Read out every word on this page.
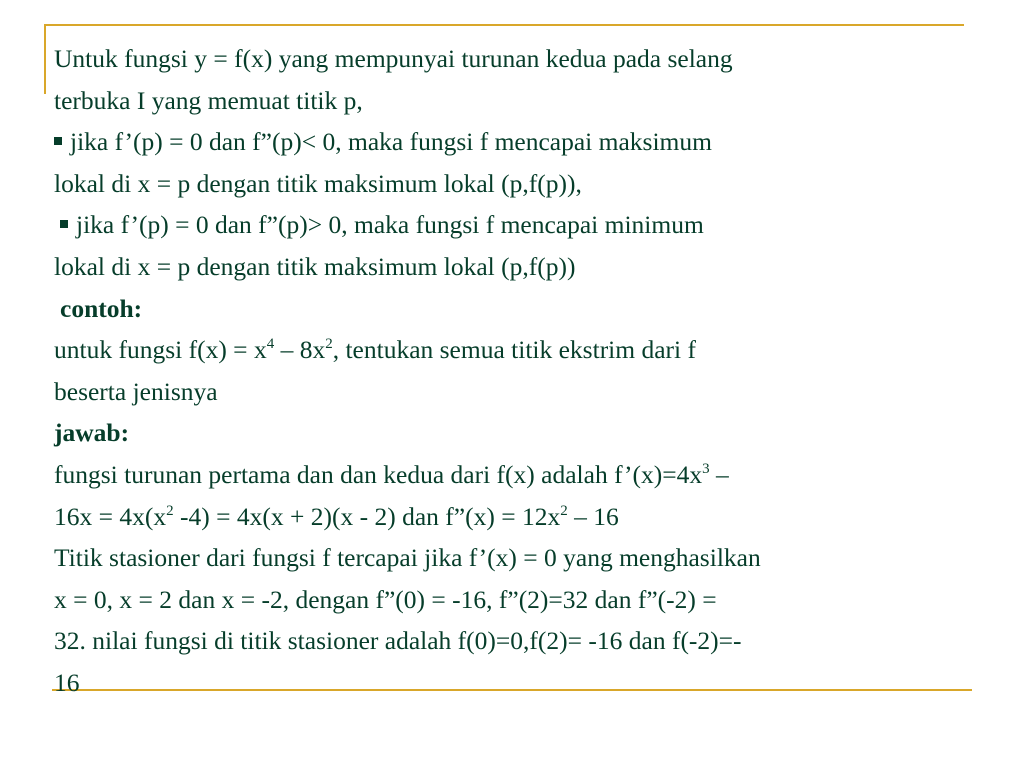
Untuk fungsi y = f(x) yang mempunyai turunan kedua pada selang
terbuka I yang memuat titik p,
jika f’(p) = 0 dan f”(p)< 0, maka fungsi f mencapai maksimum
lokal di x = p dengan titik maksimum lokal (p,f(p)),
jika f’(p) = 0 dan f”(p)> 0, maka fungsi f mencapai minimum
lokal di x = p dengan titik maksimum lokal (p,f(p))
contoh:
untuk fungsi $f(x) = x^4 - 8x^2$, tentukan semua titik ekstrim dari f
beserta jenisnya
jawab:
fungsi turunan pertama dan dan kedua dari f(x) adalah $f’(x)=4x^3$ –
$16x = 4x(x^2$ -4) = 4x(x + 2)(x - 2) dan f”(x) = $12x^2 - 16$
Titik stasioner dari fungsi f tercapai jika f’(x) = 0 yang menghasilkan
x = 0, x = 2 dan x = -2, dengan f”(0) = -16, f”(2)=32 dan f”(-2) =
32. nilai fungsi di titik stasioner adalah f(0)=0,f(2)= -16 dan f(-2)=-
16
